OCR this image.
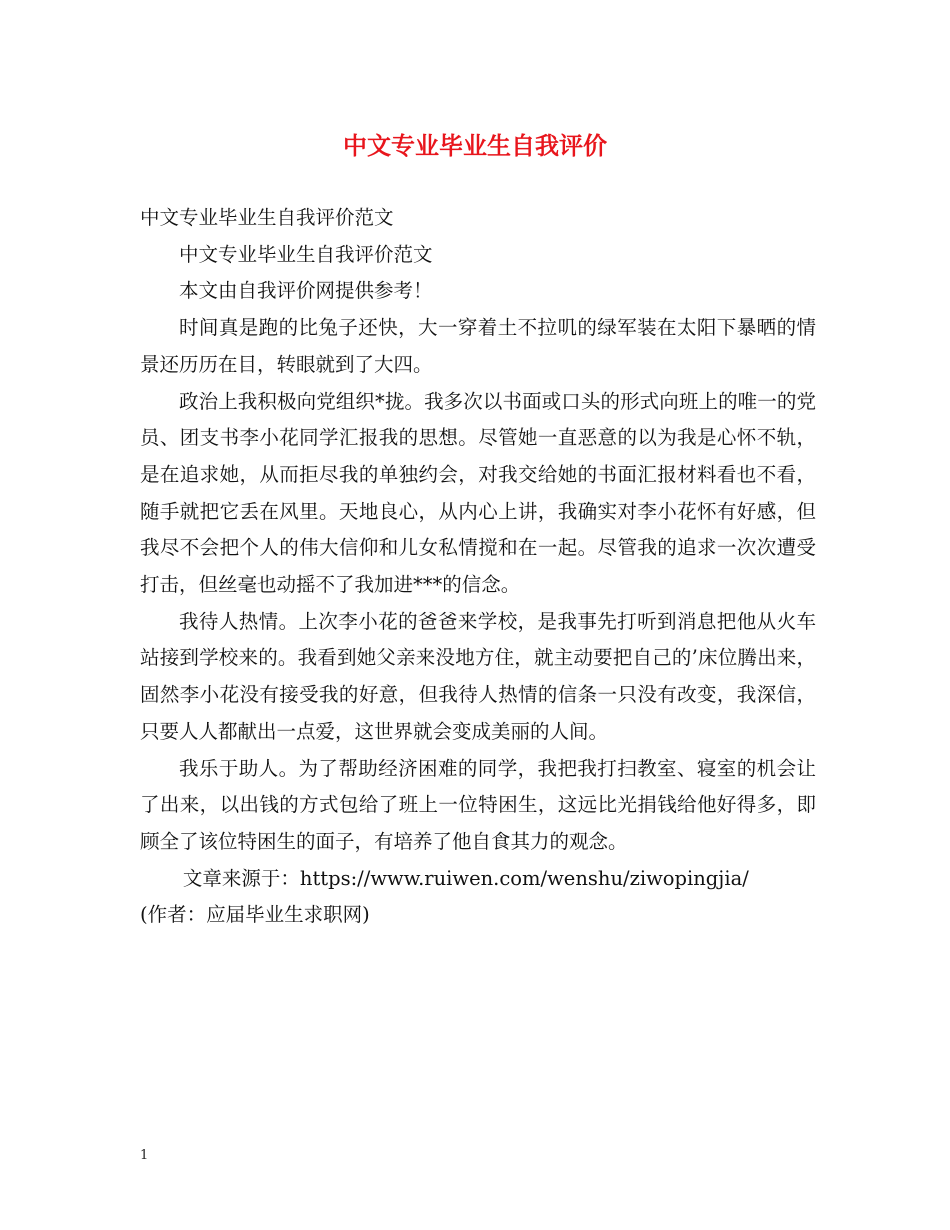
中文专业毕业生自我评价

中文专业毕业生自我评价范文

中文专业毕业生自我评价范文

本文由自我评价网提供参考！

时间真是跑的比兔子还快，大一穿着土不拉叽的绿军装在太阳下暴晒的情景还历历在目，转眼就到了大四。

政治上我积极向党组织*拢。我多次以书面或口头的形式向班上的唯一的党员、团支书李小花同学汇报我的思想。尽管她一直恶意的以为我是心怀不轨，是在追求她，从而拒尽我的单独约会，对我交给她的书面汇报材料看也不看，随手就把它丢在风里。天地良心，从内心上讲，我确实对李小花怀有好感，但我尽不会把个人的伟大信仰和儿女私情搅和在一起。尽管我的追求一次次遭受打击，但丝毫也动摇不了我加进***的信念。

我待人热情。上次李小花的爸爸来学校，是我事先打听到消息把他从火车站接到学校来的。我看到她父亲来没地方住，就主动要把自己的’床位腾出来，固然李小花没有接受我的好意，但我待人热情的信条一只没有改变，我深信，只要人人都献出一点爱，这世界就会变成美丽的人间。

我乐于助人。为了帮助经济困难的同学，我把我打扫教室、寝室的机会让了出来，以出钱的方式包给了班上一位特困生，这远比光捐钱给他好得多，即顾全了该位特困生的面子，有培养了他自食其力的观念。

文章来源于：https://www.ruiwen.com/wenshu/ziwopingjia/

(作者：应届毕业生求职网)

1
